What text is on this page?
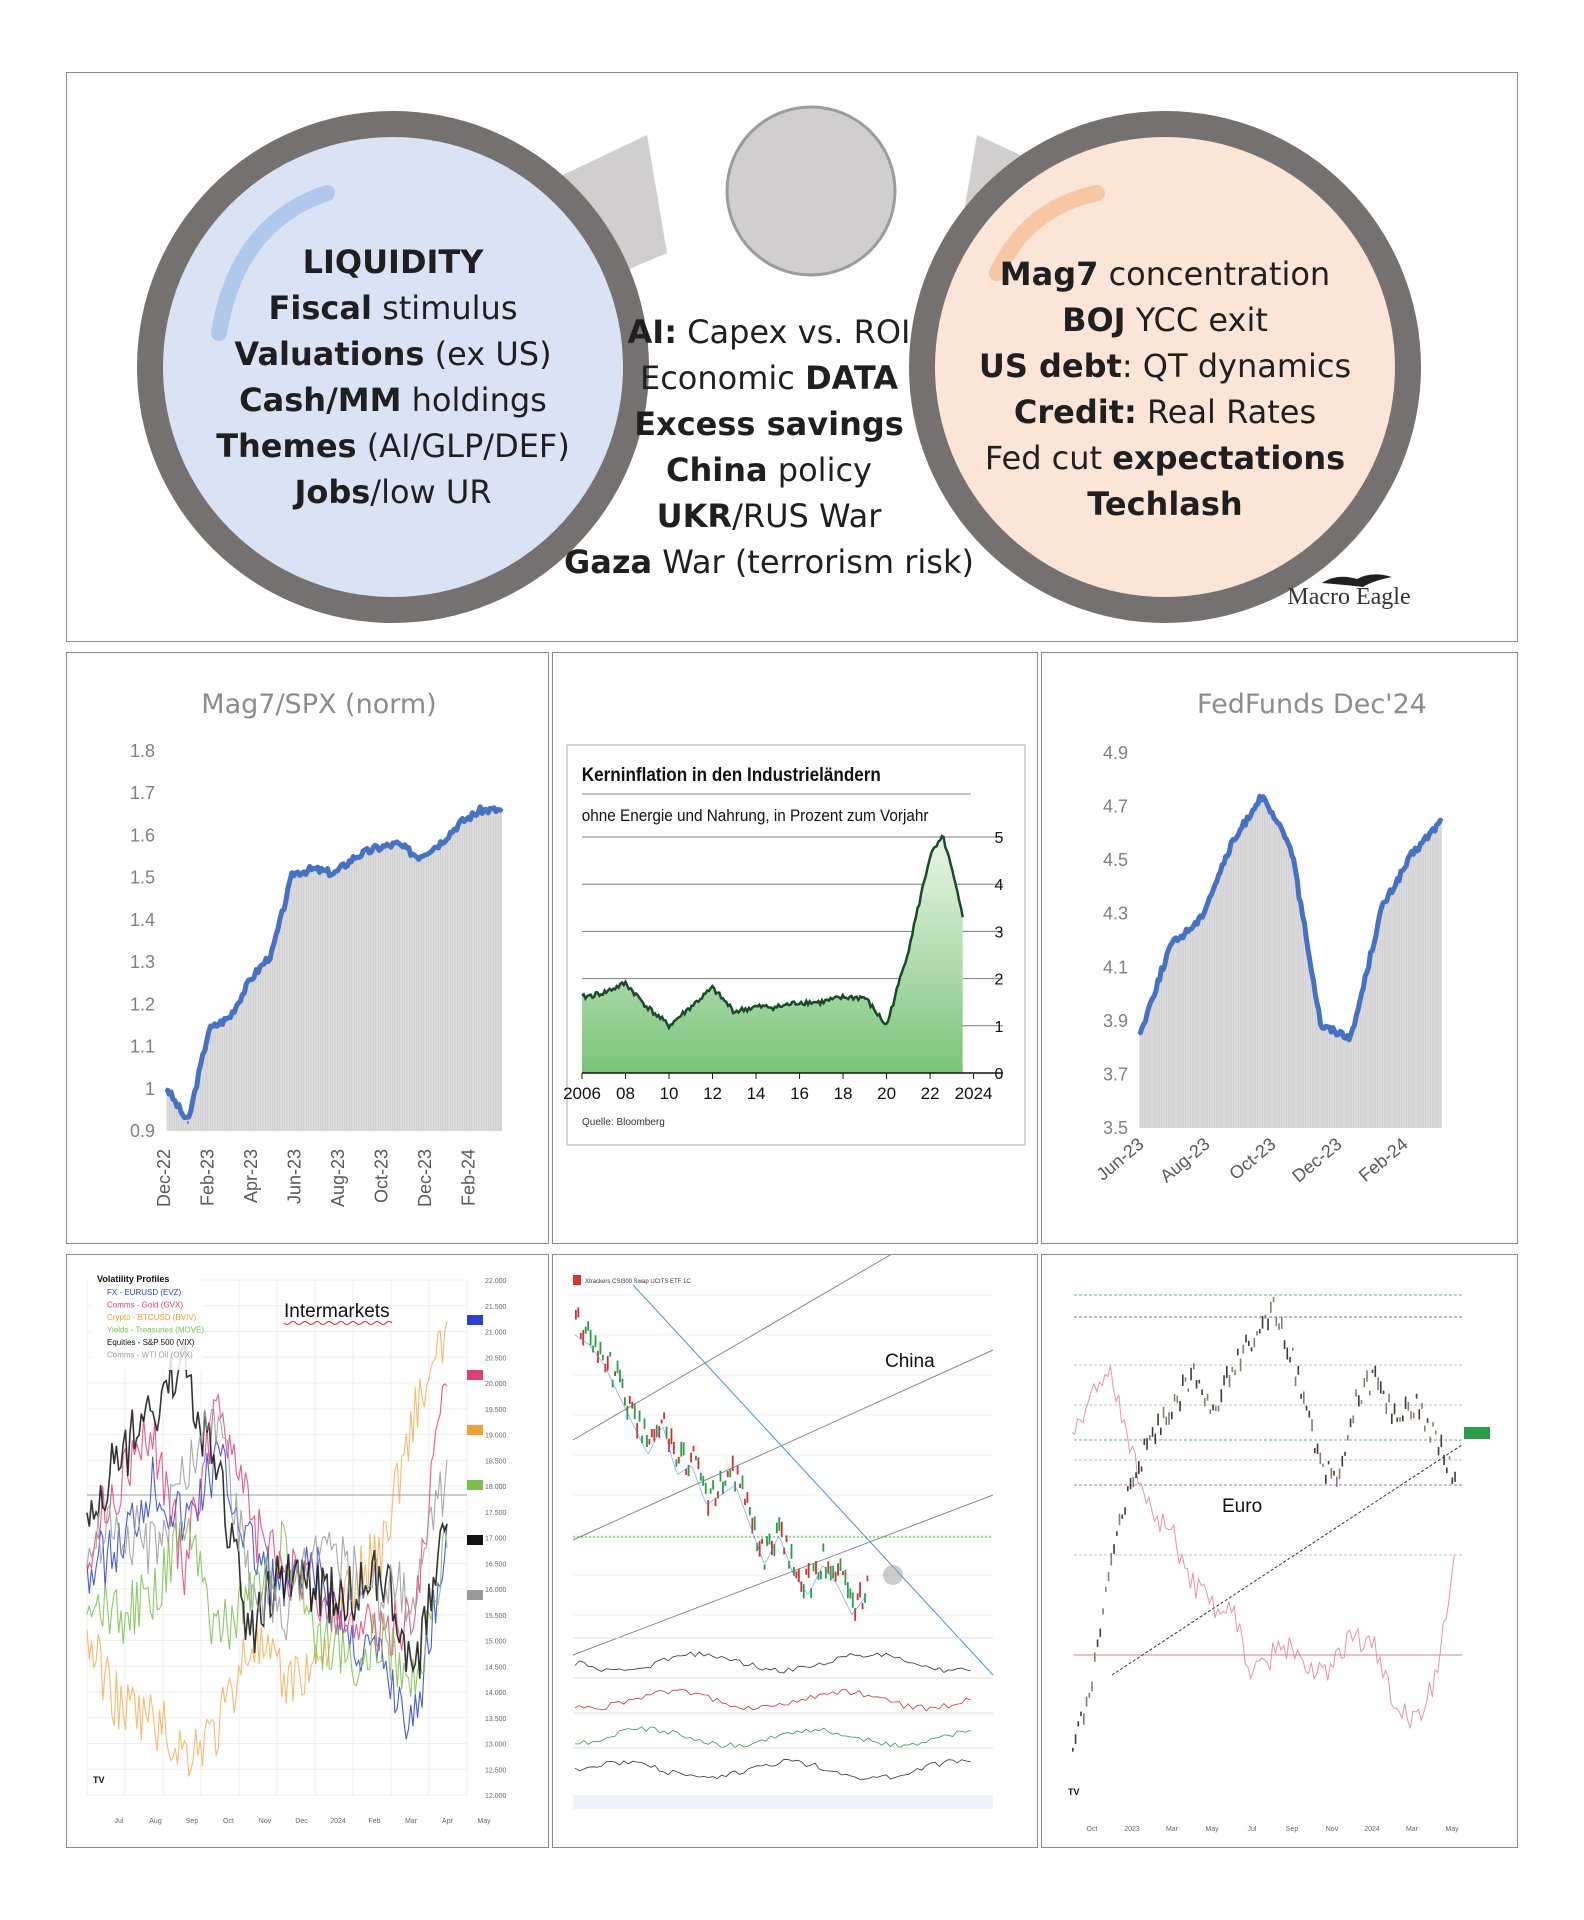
LIQUIDITY
Fiscal stimulus
Valuations (ex US)
Cash/MM holdings
Themes (AI/GLP/DEF)
Jobs/low UR
AI: Capex vs. ROI
Economic DATA
Excess savings
China policy
UKR/RUS War
Gaza War (terrorism risk)
Mag7 concentration
BOJ YCC exit
US debt: QT dynamics
Credit: Real Rates
Fed cut expectations
Techlash
Macro Eagle
Mag7/SPX (norm)
1.8
1.7
1.6
1.5
1.4
1.3
1.2
1.1
1
0.9
Dec-22 Feb-23 Apr-23 Jun-23 Aug-23 Oct-23 Dec-23 Feb-24
Kerninflation in den Industrieländern
ohne Energie und Nahrung, in Prozent zum Vorjahr
5
4
3
2
1
0
2006 08 10 12 14 16 18 20 22 2024
Quelle: Bloomberg
FedFunds Dec'24
4.9
4.7
4.5
4.3
4.1
3.9
3.7
3.5
Jun-23 Aug-23 Oct-23 Dec-23 Feb-24
22.000
21.500
21.000
20.500
20.000
19.500
19.000
18.500
18.000
17.500
17.000
16.500
16.000
15.500
15.000
14.500
14.000
13.500
13.000
12.500
12.000
Jul	Aug	Sep	Oct	Nov	Dec	2024	Feb	Mar	Apr	May
Volatility Profiles
FX - EURUSD (EVZ)
Comms - Gold (GVX)
Crypto - BTCUSD (BVIV)
Yields - Treasuries (MOVE)
Equities - S&P 500 (VIX)
Comms - WTI Oil (OVX)
Intermarkets
TV
Xtrackers CSI300 Swap UCITS ETF 1C
China
Euro
Oct	2023	Mar	May	Jul	Sep	Nov	2024	Mar	May
TV
